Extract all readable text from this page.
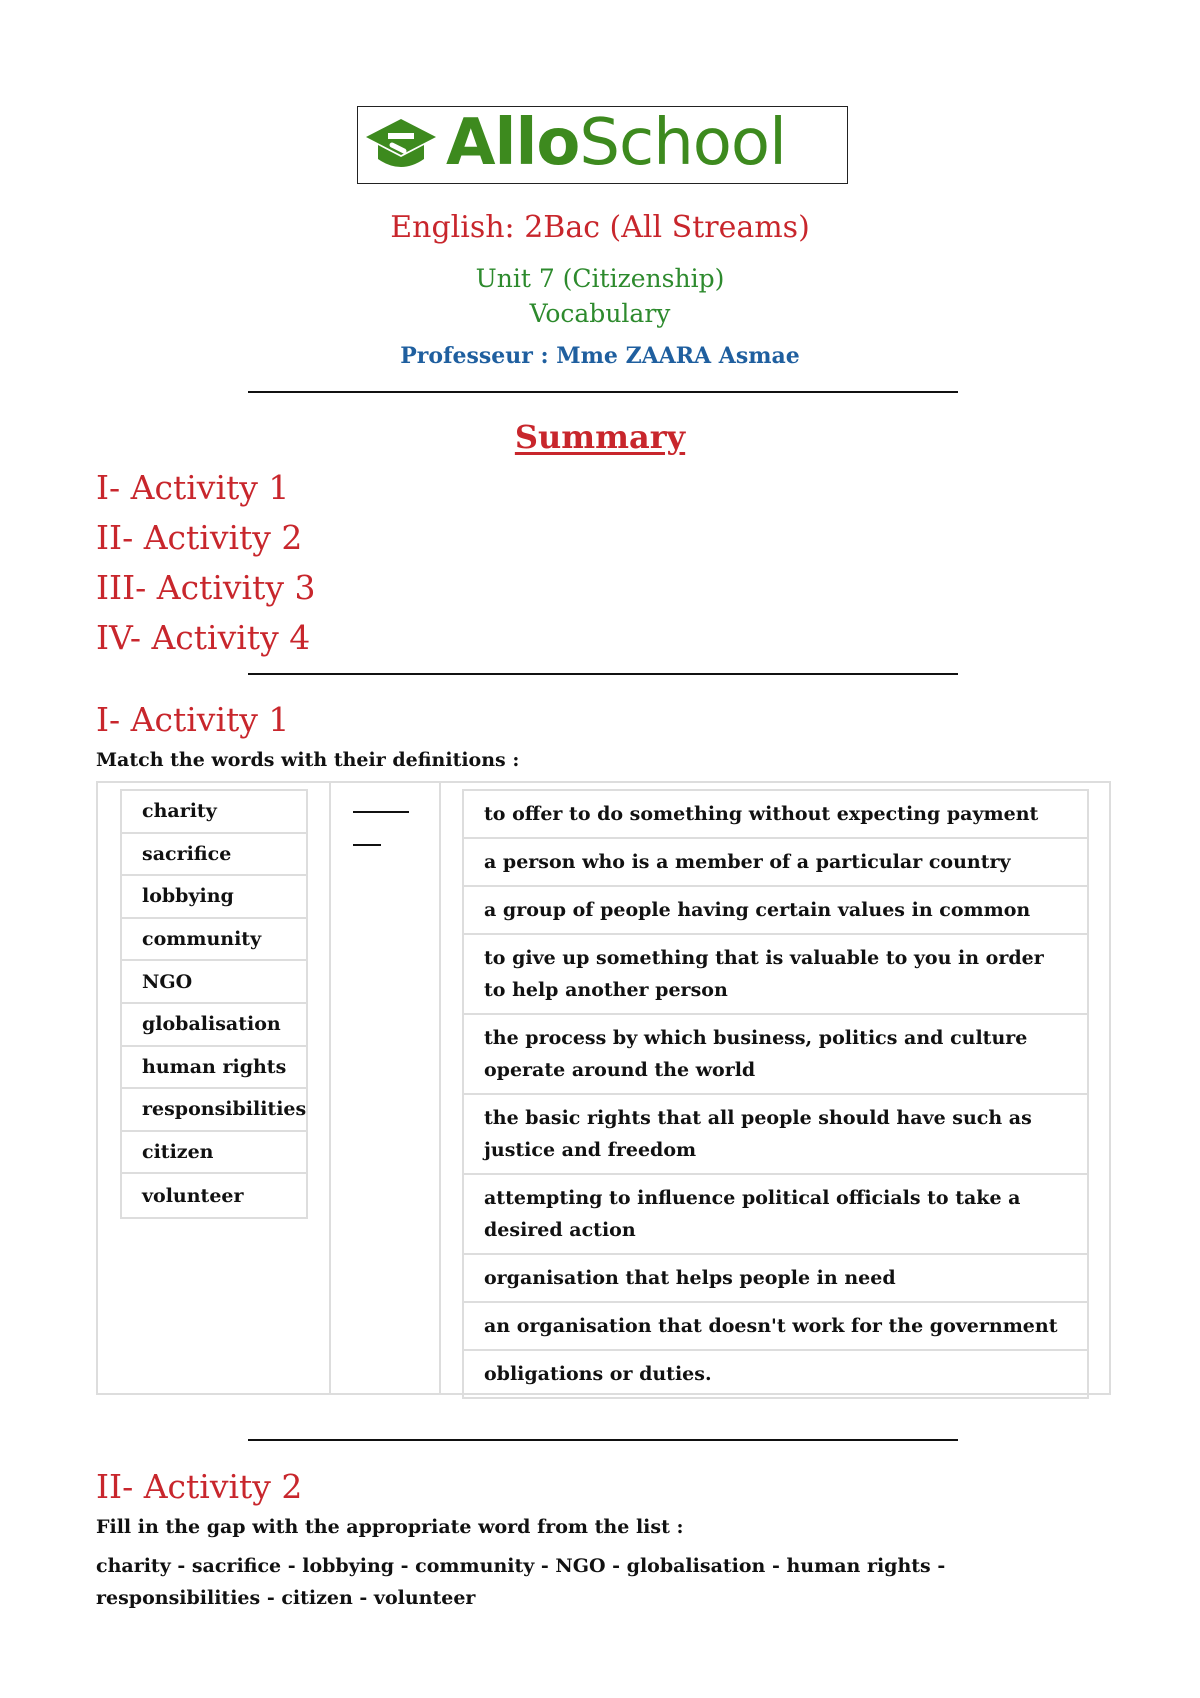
AlloSchool
English: 2Bac (All Streams)
Unit 7 (Citizenship)
Vocabulary
Professeur : Mme ZAARA Asmae
Summary
I- Activity 1
II- Activity 2
III- Activity 3
IV- Activity 4
I- Activity 1
Match the words with their definitions :
charity
sacrifice
lobbying
community
NGO
globalisation
human rights
responsibilities
citizen
volunteer
to offer to do something without expecting payment
a person who is a member of a particular country
a group of people having certain values in common
to give up something that is valuable to you in order to help another person
the process by which business, politics and culture operate around the world
the basic rights that all people should have such as justice and freedom
attempting to influence political officials to take a desired action
organisation that helps people in need
an organisation that doesn't work for the government
obligations or duties.
II- Activity 2
Fill in the gap with the appropriate word from the list :
charity - sacrifice - lobbying - community - NGO - globalisation - human rights - responsibilities - citizen - volunteer
